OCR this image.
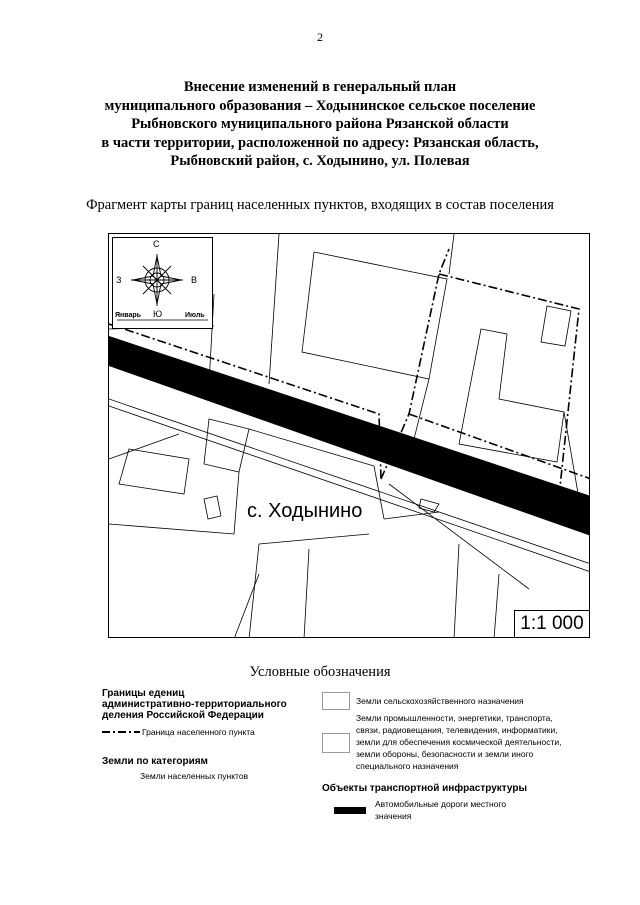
2
Внесение изменений в генеральный план
муниципального образования – Ходынинское сельское поселение
Рыбновского муниципального района Рязанской области
в части территории, расположенной по адресу: Рязанская область,
Рыбновский район, с. Ходынино, ул. Полевая
Фрагмент карты границ населенных пунктов, входящих в состав поселения
С
З	В
Ю
Январь	Июль
с. Ходынино
1:1 000
Условные обозначения
Границы едениц
административно-территориального
деления Российской Федерации
Граница населенного пункта
Земли по категориям
Земли населенных пунктов
Земли сельскохозяйственного назначения
Земли промышленности, энергетики, транспорта,
связи, радиовещания, телевидения, информатики,
земли для обеспечения космической деятельности,
земли обороны, безопасности и земли иного
специального назначения
Объекты транспортной инфраструктуры
Автомобильные дороги местного
значения
